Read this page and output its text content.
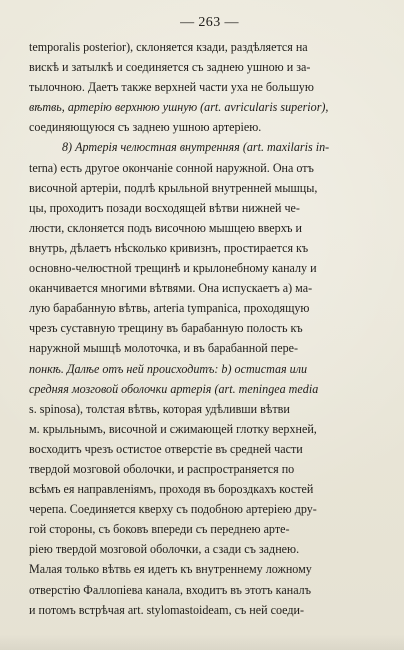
— 263 —
temporalis posterior), склоняется кзади, раздѣляется на
вискѣ и затылкѣ и соединяется съ заднею ушною и за-
тылочною. Даетъ также верхней части уха не большую
вѣтвь, артерію верхнюю ушную (art. avricularis superior),
соединяющуюся съ заднею ушною артеріею.
8) Артерія челюстная внутренняя (art. maxilaris in-
terna) есть другое окончаніе сонной наружной. Она отъ
височной артеріи, подлѣ крыльной внутренней мышцы,
цы, проходитъ позади восходящей вѣтви нижней че-
люсти, склоняется подъ височною мышцею вверхъ и
внутрь, дѣлаетъ нѣсколько кривизнъ, простирается къ
основно-челюстной трещинѣ и крылонебному каналу и
оканчивается многими вѣтвями. Она испускаетъ a) ма-
лую барабанную вѣтвь, arteria tympanica, проходящую
чрезъ суставную трещину въ барабанную полость къ
наружной мышцѣ молоточка, и въ барабанной пере-
понкѣ. Далѣе отъ ней происходитъ: b) остистая или
средняя мозговой оболочки артерія (art. meningea media
s. spinosa), толстая вѣтвь, которая удѣливши вѣтви
м. крыльнымъ, височной и сжимающей глотку верхней,
восходитъ чрезъ остистое отверстіе въ средней части
твердой мозговой оболочки, и распространяется по
всѣмъ ея направленіямъ, проходя въ бороздкахъ костей
черепа. Соединяется кверху съ подобною артеріею дру-
гой стороны, съ боковъ впереди съ переднею арте-
ріею твердой мозговой оболочки, а сзади съ заднею.
Малая только вѣтвь ея идетъ къ внутреннему ложному
отверстію Фаллопіева канала, входитъ въ этотъ каналъ
и потомъ встрѣчая art. stylomastoideam, съ ней соеди-
